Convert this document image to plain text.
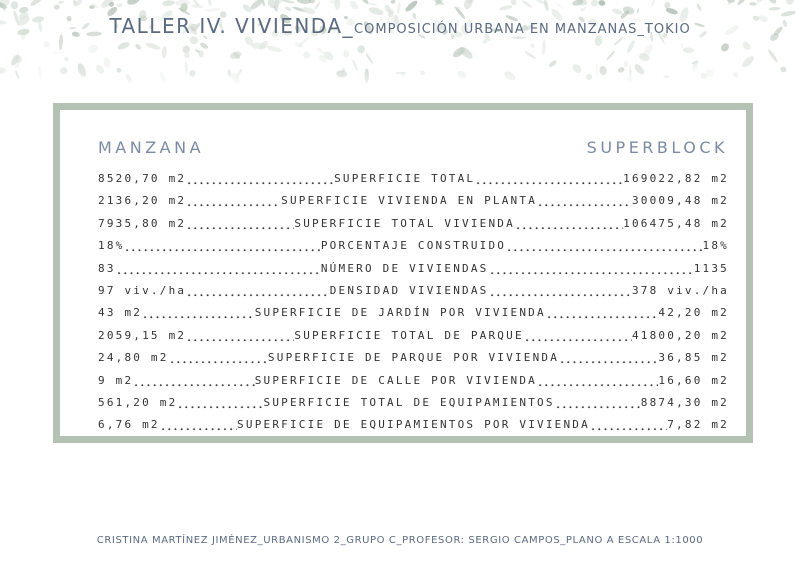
TALLER IV. VIVIENDA_COMPOSICIÓN URBANA EN MANZANAS_TOKIO
MANZANA	SUPERBLOCK
8520,70 m2	SUPERFICIE TOTAL	169022,82 m2
2136,20 m2	SUPERFICIE VIVIENDA EN PLANTA	30009,48 m2
7935,80 m2	SUPERFICIE TOTAL VIVIENDA	106475,48 m2
18%	PORCENTAJE CONSTRUIDO	18%
83	NÚMERO DE VIVIENDAS	1135
97 viv./ha	DENSIDAD VIVIENDAS	378 viv./ha
43 m2	SUPERFICIE DE JARDÍN POR VIVIENDA	42,20 m2
2059,15 m2	SUPERFICIE TOTAL DE PARQUE	41800,20 m2
24,80 m2	SUPERFICIE DE PARQUE POR VIVIENDA	36,85 m2
9 m2	SUPERFICIE DE CALLE POR VIVIENDA	16,60 m2
561,20 m2	SUPERFICIE TOTAL DE EQUIPAMIENTOS	8874,30 m2
6,76 m2	SUPERFICIE DE EQUIPAMIENTOS POR VIVIENDA	7,82 m2
CRISTINA MARTÍNEZ JIMÉNEZ_URBANISMO 2_GRUPO C_PROFESOR: SERGIO CAMPOS_PLANO A ESCALA 1:1000
